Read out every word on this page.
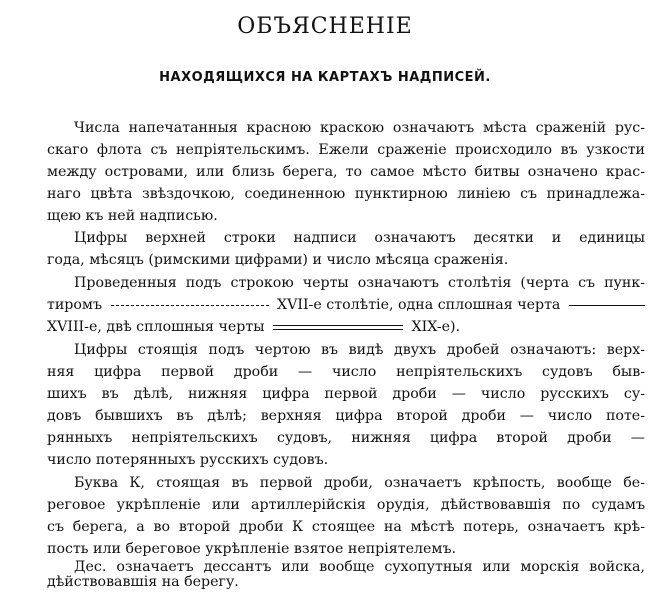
ОБЪЯСНЕНІЕ
НАХОДЯЩИХСЯ НА КАРТАХЪ НАДПИСЕЙ.
Числа напечатанныя красною краскою означаютъ мѣста сраженій рус-
скаго флота съ непріятельскимъ. Ежели сраженіе происходило въ узкости
между островами, или близь берега, то самое мѣсто битвы означено крас-
наго цвѣта звѣздочкою, соединенною пунктирною линіею съ принадлежа-
щею къ ней надписью.
Цифры верхней строки надписи означаютъ десятки и единицы
года, мѣсяцъ (римскими цифрами) и число мѣсяца сраженія.
Проведенныя подъ строкою черты означаютъ столѣтія (черта съ пунк-
тиромъ	XVII-е столѣтіе, одна сплошная черта
XVIII-е, двѣ сплошныя черты	XIX-е).
Цифры стоящія подъ чертою въ видѣ двухъ дробей означаютъ: верх-
няя цифра первой дроби — число непріятельскихъ судовъ быв-
шихъ въ дѣлѣ, нижняя цифра первой дроби — число русскихъ су-
довъ бывшихъ въ дѣлѣ; верхняя цифра второй дроби — число поте-
рянныхъ непріятельскихъ судовъ, нижняя цифра второй дроби —
число потерянныхъ русскихъ судовъ.
Буква К, стоящая въ первой дроби, означаетъ крѣпость, вообще бе-
реговое укрѣпленіе или артиллерійскія орудія, дѣйствовавшія по судамъ
съ берега, а во второй дроби К стоящее на мѣстѣ потерь, означаетъ крѣ-
пость или береговое укрѣпленіе взятое непріятелемъ.
Дес. означаетъ дессантъ или вообще сухопутныя или морскія войска,
дѣйствовавшія на берегу.
